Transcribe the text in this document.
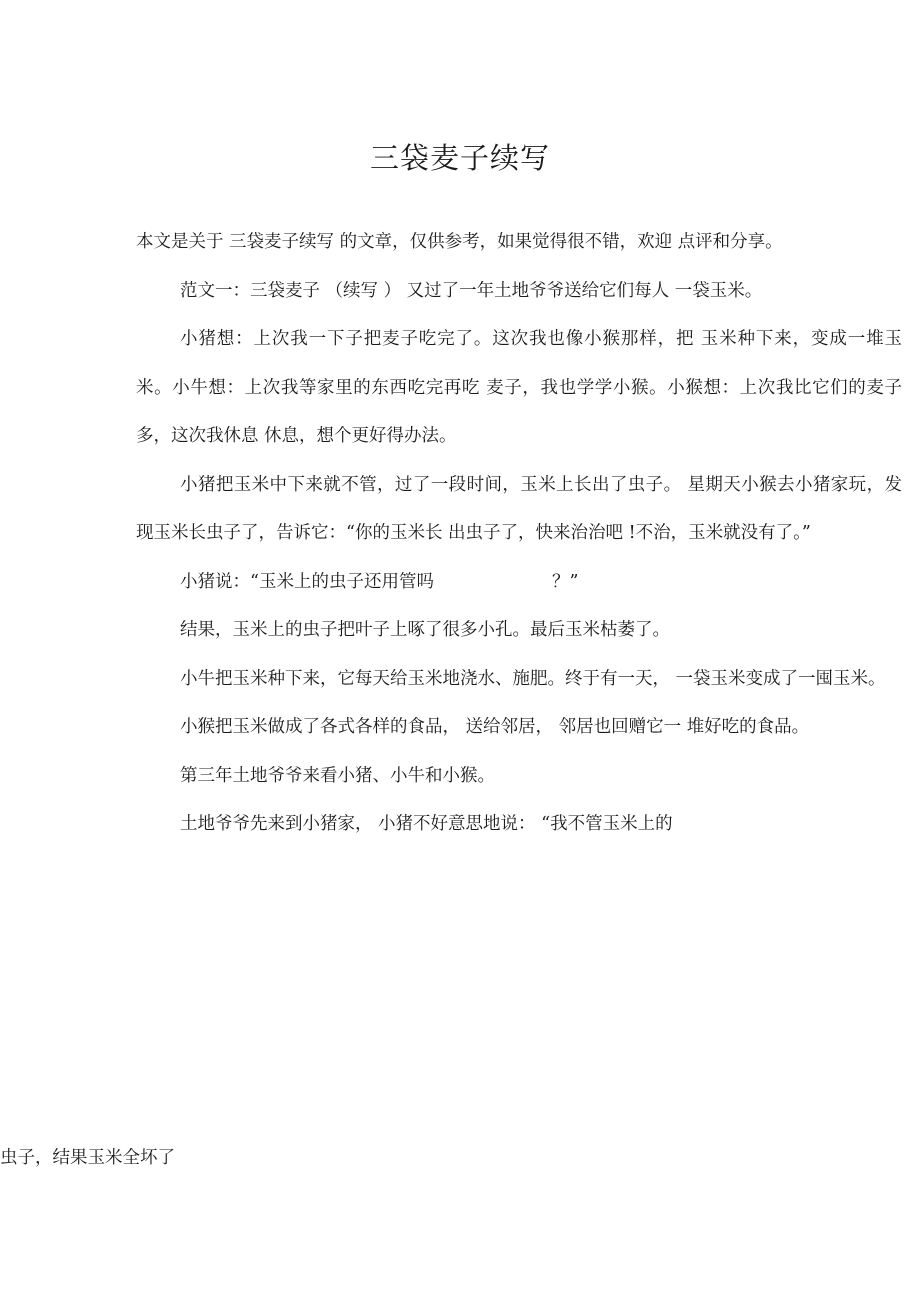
三袋麦子续写

本文是关于 三袋麦子续写 的文章，仅供参考，如果觉得很不错，欢迎 点评和分享。

范文一：三袋麦子 （续写 ） 又过了一年土地爷爷送给它们每人 一袋玉米。

小猪想：上次我一下子把麦子吃完了。这次我也像小猴那样，把 玉米种下来，变成一堆玉米。小牛想：上次我等家里的东西吃完再吃 麦子，我也学学小猴。小猴想：上次我比它们的麦子多，这次我休息 休息，想个更好得办法。

小猪把玉米中下来就不管，过了一段时间，玉米上长出了虫子。 星期天小猴去小猪家玩，发现玉米长虫子了，告诉它：“你的玉米长 出虫子了，快来治治吧 !不治，玉米就没有了。”

小猪说：“玉米上的虫子还用管吗	？”

结果，玉米上的虫子把叶子上啄了很多小孔。最后玉米枯萎了。

小牛把玉米种下来，它每天给玉米地浇水、施肥。终于有一天， 一袋玉米变成了一囤玉米。

小猴把玉米做成了各式各样的食品， 送给邻居， 邻居也回赠它一 堆好吃的食品。

第三年土地爷爷来看小猪、小牛和小猴。

土地爷爷先来到小猪家， 小猪不好意思地说： “我不管玉米上的

虫子，结果玉米全坏了
